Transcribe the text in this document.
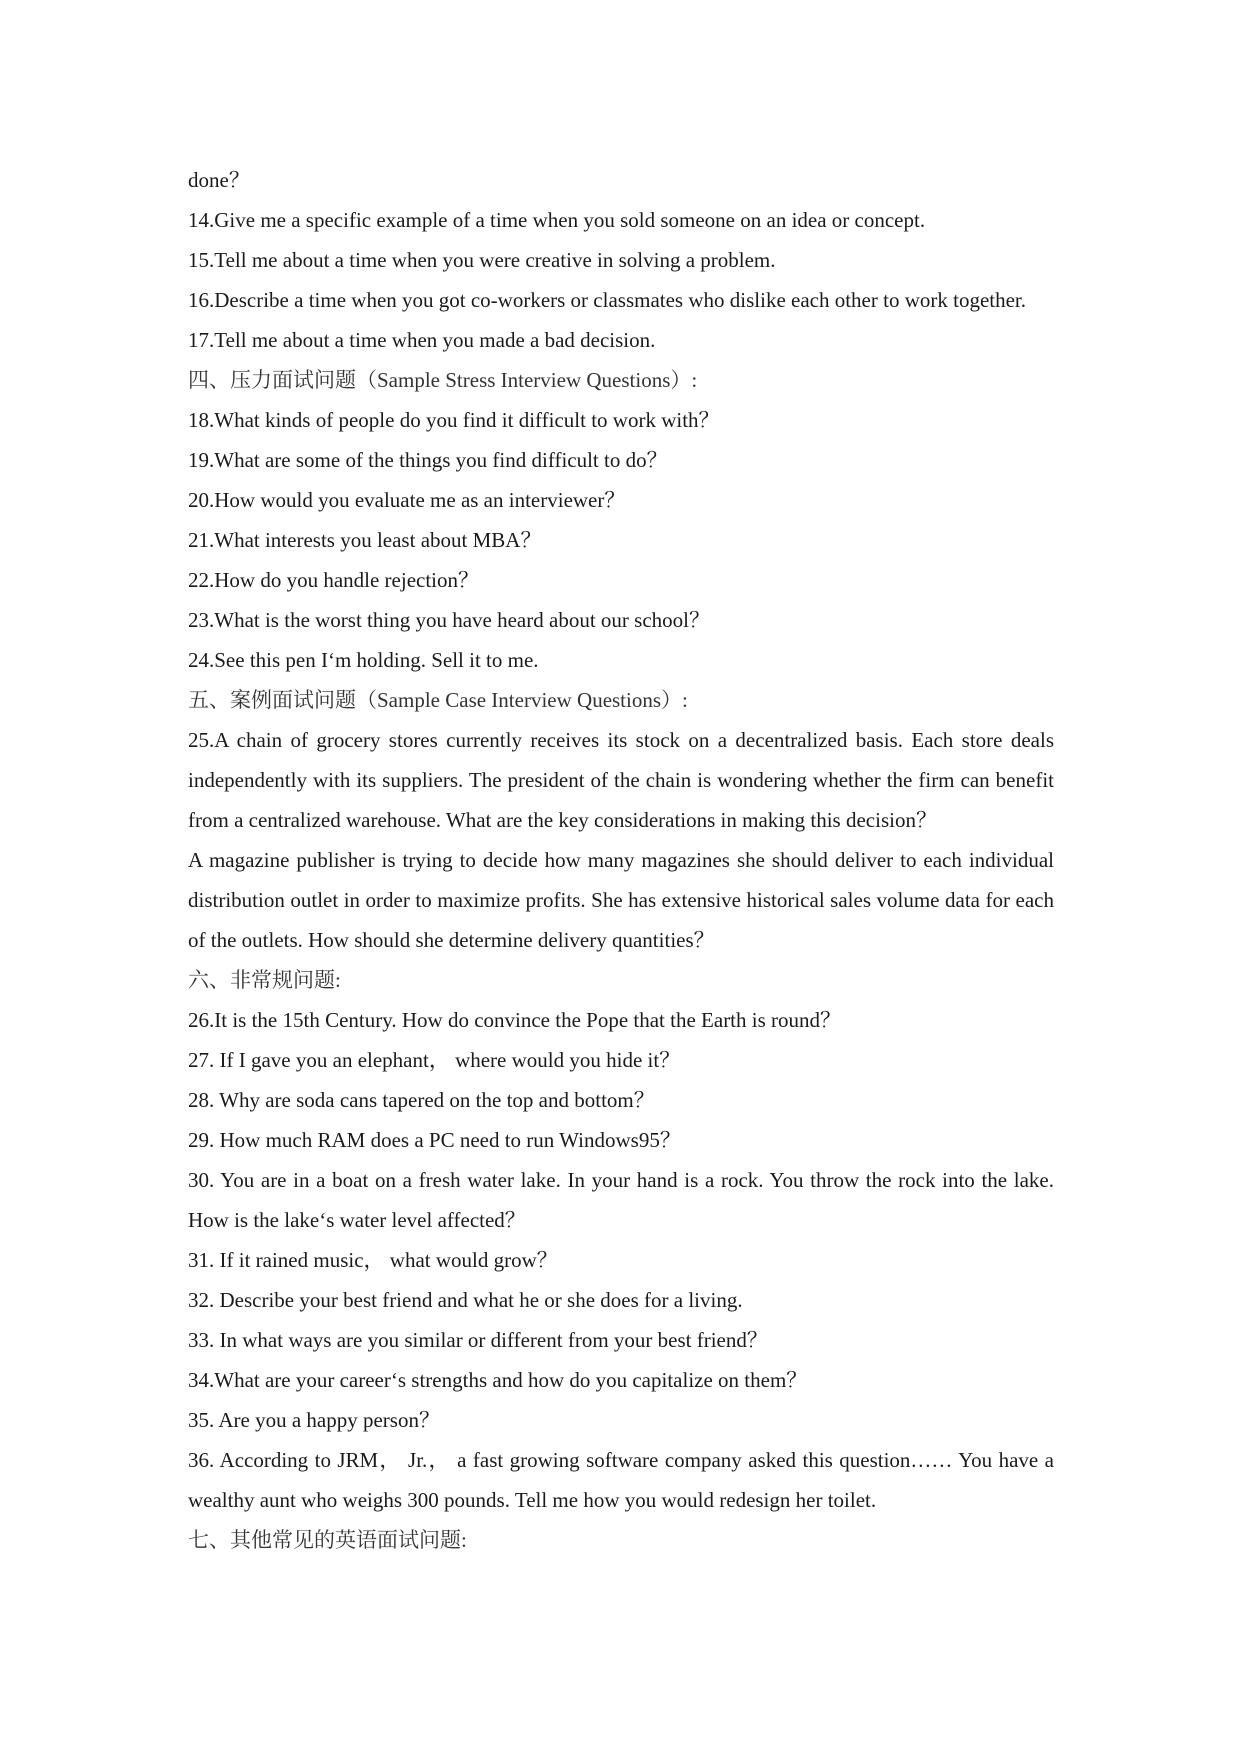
done？
14.Give me a specific example of a time when you sold someone on an idea or concept.
15.Tell me about a time when you were creative in solving a problem.
16.Describe a time when you got co-workers or classmates who dislike each other to work together.
17.Tell me about a time when you made a bad decision.
四、压力面试问题（Sample Stress Interview Questions）:
18.What kinds of people do you find it difficult to work with？
19.What are some of the things you find difficult to do？
20.How would you evaluate me as an interviewer？
21.What interests you least about MBA？
22.How do you handle rejection？
23.What is the worst thing you have heard about our school？
24.See this pen I‘m holding. Sell it to me.
五、案例面试问题（Sample Case Interview Questions）:
25.A chain of grocery stores currently receives its stock on a decentralized basis. Each store deals independently with its suppliers. The president of the chain is wondering whether the firm can benefit from a centralized warehouse. What are the key considerations in making this decision？
A magazine publisher is trying to decide how many magazines she should deliver to each individual distribution outlet in order to maximize profits. She has extensive historical sales volume data for each of the outlets. How should she determine delivery quantities？
六、非常规问题:
26.It is the 15th Century. How do convince the Pope that the Earth is round？
27. If I gave you an elephant， where would you hide it？
28. Why are soda cans tapered on the top and bottom？
29. How much RAM does a PC need to run Windows95？
30. You are in a boat on a fresh water lake. In your hand is a rock. You throw the rock into the lake. How is the lake‘s water level affected？
31. If it rained music， what would grow？
32. Describe your best friend and what he or she does for a living.
33. In what ways are you similar or different from your best friend？
34.What are your career‘s strengths and how do you capitalize on them？
35. Are you a happy person？
36. According to JRM， Jr.， a fast growing software company asked this question…… You have a wealthy aunt who weighs 300 pounds. Tell me how you would redesign her toilet.
七、其他常见的英语面试问题:
